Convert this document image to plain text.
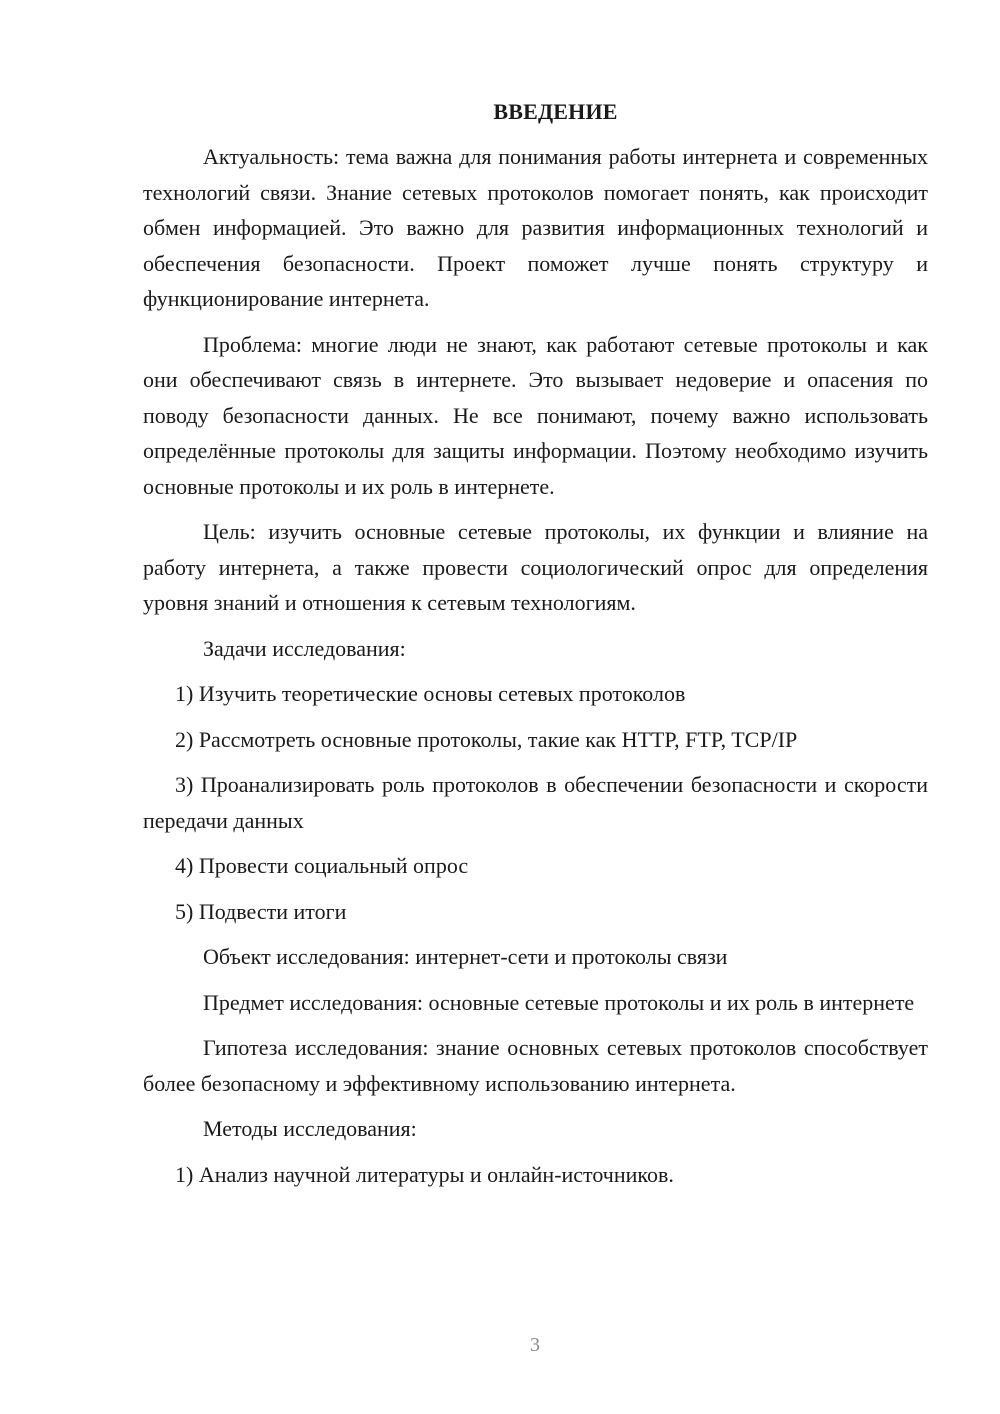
ВВЕДЕНИЕ

Актуальность: тема важна для понимания работы интернета и современных технологий связи. Знание сетевых протоколов помогает понять, как происходит обмен информацией. Это важно для развития информационных технологий и обеспечения безопасности. Проект поможет лучше понять структуру и функционирование интернета.

Проблема: многие люди не знают, как работают сетевые протоколы и как они обеспечивают связь в интернете. Это вызывает недоверие и опасения по поводу безопасности данных. Не все понимают, почему важно использовать определённые протоколы для защиты информации. Поэтому необходимо изучить основные протоколы и их роль в интернете.

Цель: изучить основные сетевые протоколы, их функции и влияние на работу интернета, а также провести социологический опрос для определения уровня знаний и отношения к сетевым технологиям.

Задачи исследования:

1) Изучить теоретические основы сетевых протоколов

2) Рассмотреть основные протоколы, такие как HTTP, FTP, TCP/IP

3) Проанализировать роль протоколов в обеспечении безопасности и скорости передачи данных

4) Провести социальный опрос

5) Подвести итоги

Объект исследования: интернет-сети и протоколы связи

Предмет исследования: основные сетевые протоколы и их роль в интернете

Гипотеза исследования: знание основных сетевых протоколов способствует более безопасному и эффективному использованию интернета.

Методы исследования:

1) Анализ научной литературы и онлайн-источников.

3
